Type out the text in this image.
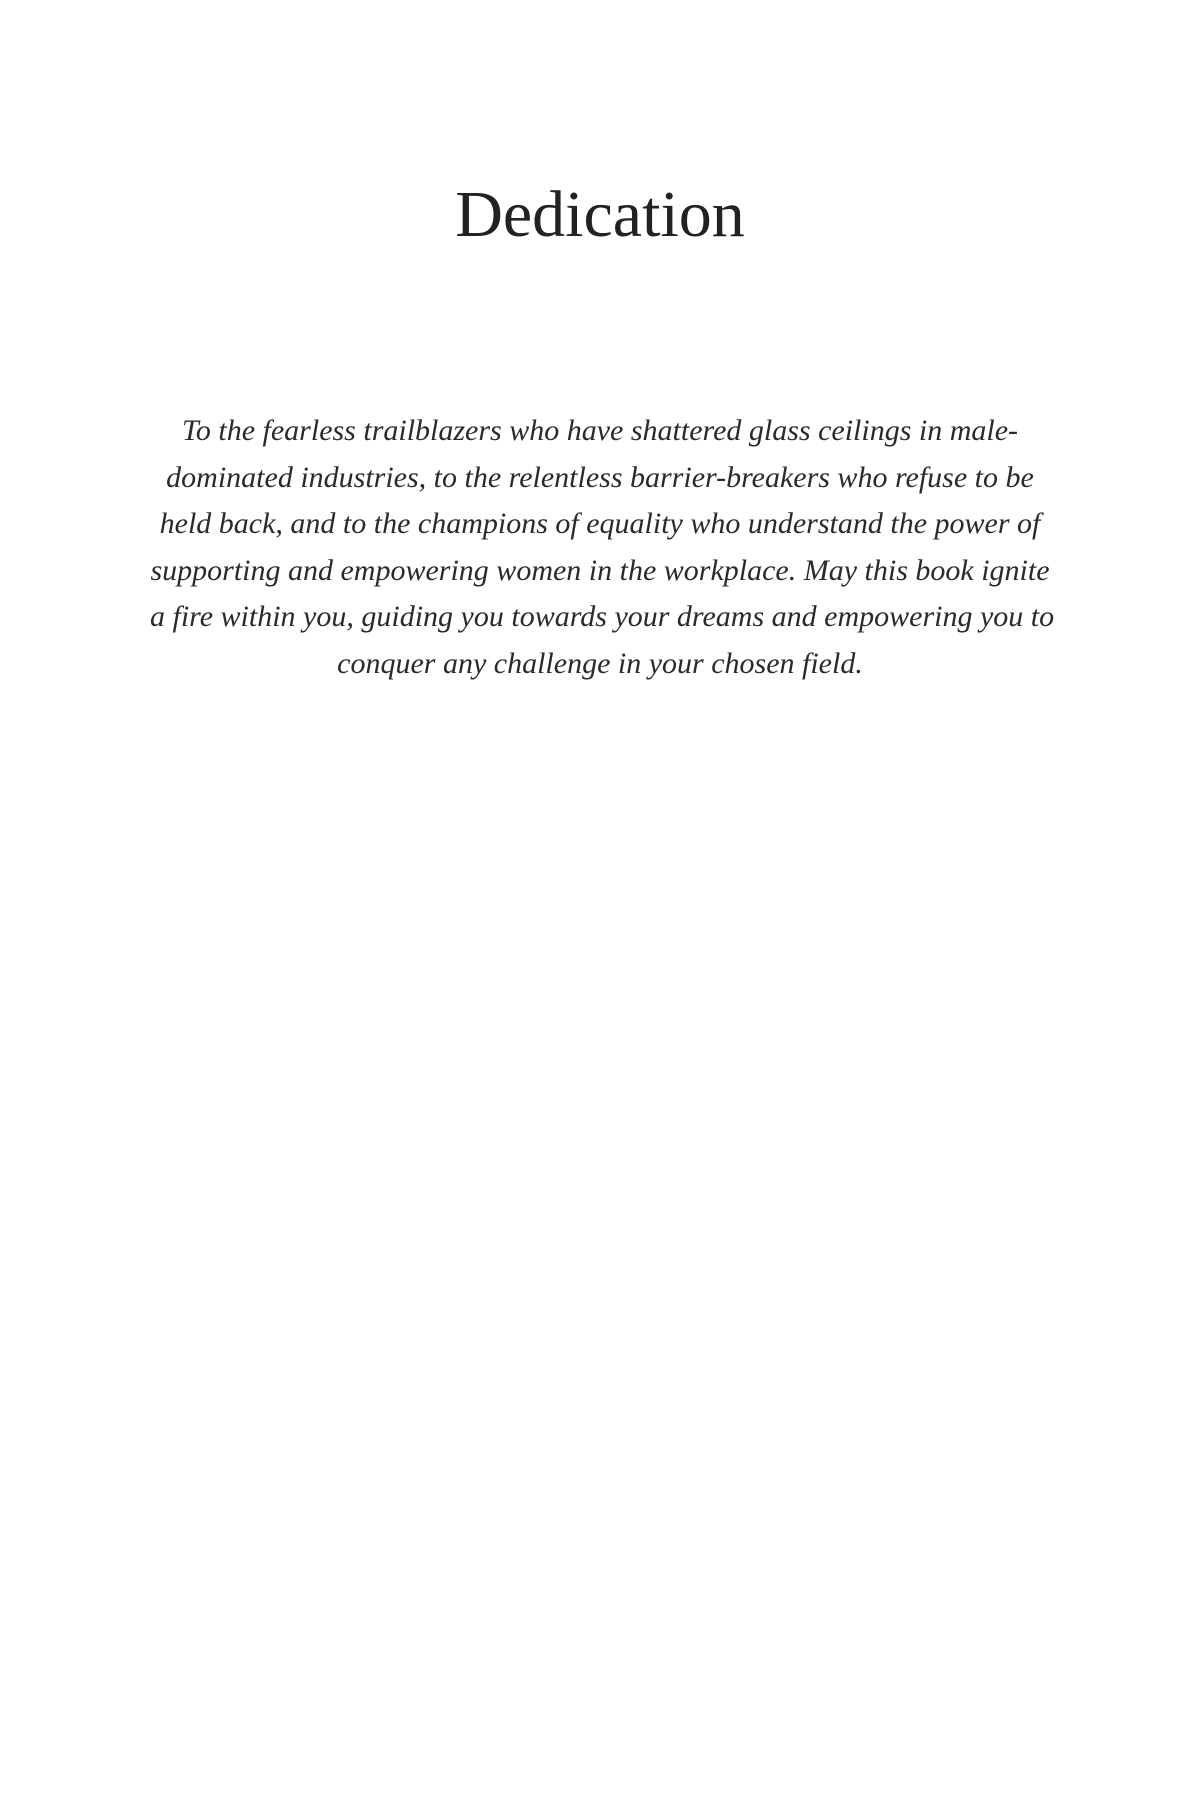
Dedication

To the fearless trailblazers who have shattered glass ceilings in male-
dominated industries, to the relentless barrier-breakers who refuse to be
held back, and to the champions of equality who understand the power of
supporting and empowering women in the workplace. May this book ignite
a fire within you, guiding you towards your dreams and empowering you to
conquer any challenge in your chosen field.
